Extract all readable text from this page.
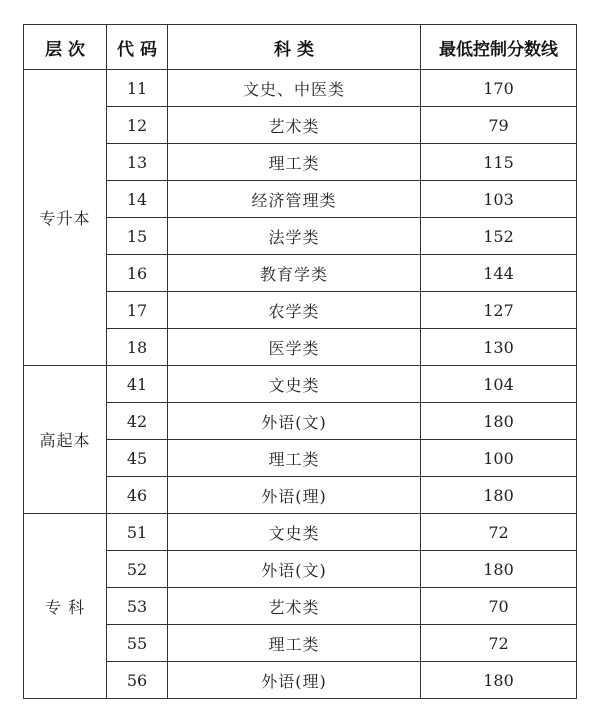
层 次	代 码	科 类	最低控制分数线
专升本	11	文史、中医类	170
	12	艺术类	79
	13	理工类	115
	14	经济管理类	103
	15	法学类	152
	16	教育学类	144
	17	农学类	127
	18	医学类	130
高起本	41	文史类	104
	42	外语(文)	180
	45	理工类	100
	46	外语(理)	180
专 科	51	文史类	72
	52	外语(文)	180
	53	艺术类	70
	55	理工类	72
	56	外语(理)	180
